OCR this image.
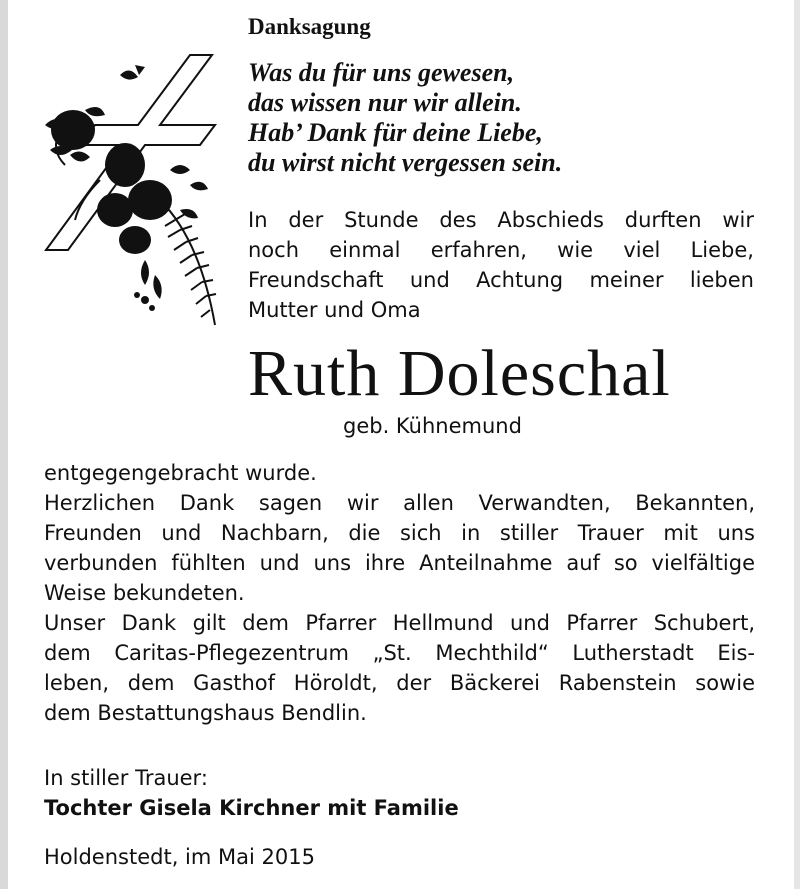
Danksagung
Was du für uns gewesen,
das wissen nur wir allein.
Hab’ Dank für deine Liebe,
du wirst nicht vergessen sein.
In der Stunde des Abschieds durften wir
noch einmal erfahren, wie viel Liebe,
Freundschaft und Achtung meiner lieben
Mutter und Oma
Ruth Doleschal
geb. Kühnemund
entgegengebracht wurde.
Herzlichen Dank sagen wir allen Verwandten, Bekannten,
Freunden und Nachbarn, die sich in stiller Trauer mit uns
verbunden fühlten und uns ihre Anteilnahme auf so vielfältige
Weise bekundeten.
Unser Dank gilt dem Pfarrer Hellmund und Pfarrer Schubert,
dem Caritas-Pflegezentrum „St. Mechthild“ Lutherstadt Eis-
leben, dem Gasthof Höroldt, der Bäckerei Rabenstein sowie
dem Bestattungshaus Bendlin.
In stiller Trauer:
Tochter Gisela Kirchner mit Familie
Holdenstedt, im Mai 2015
